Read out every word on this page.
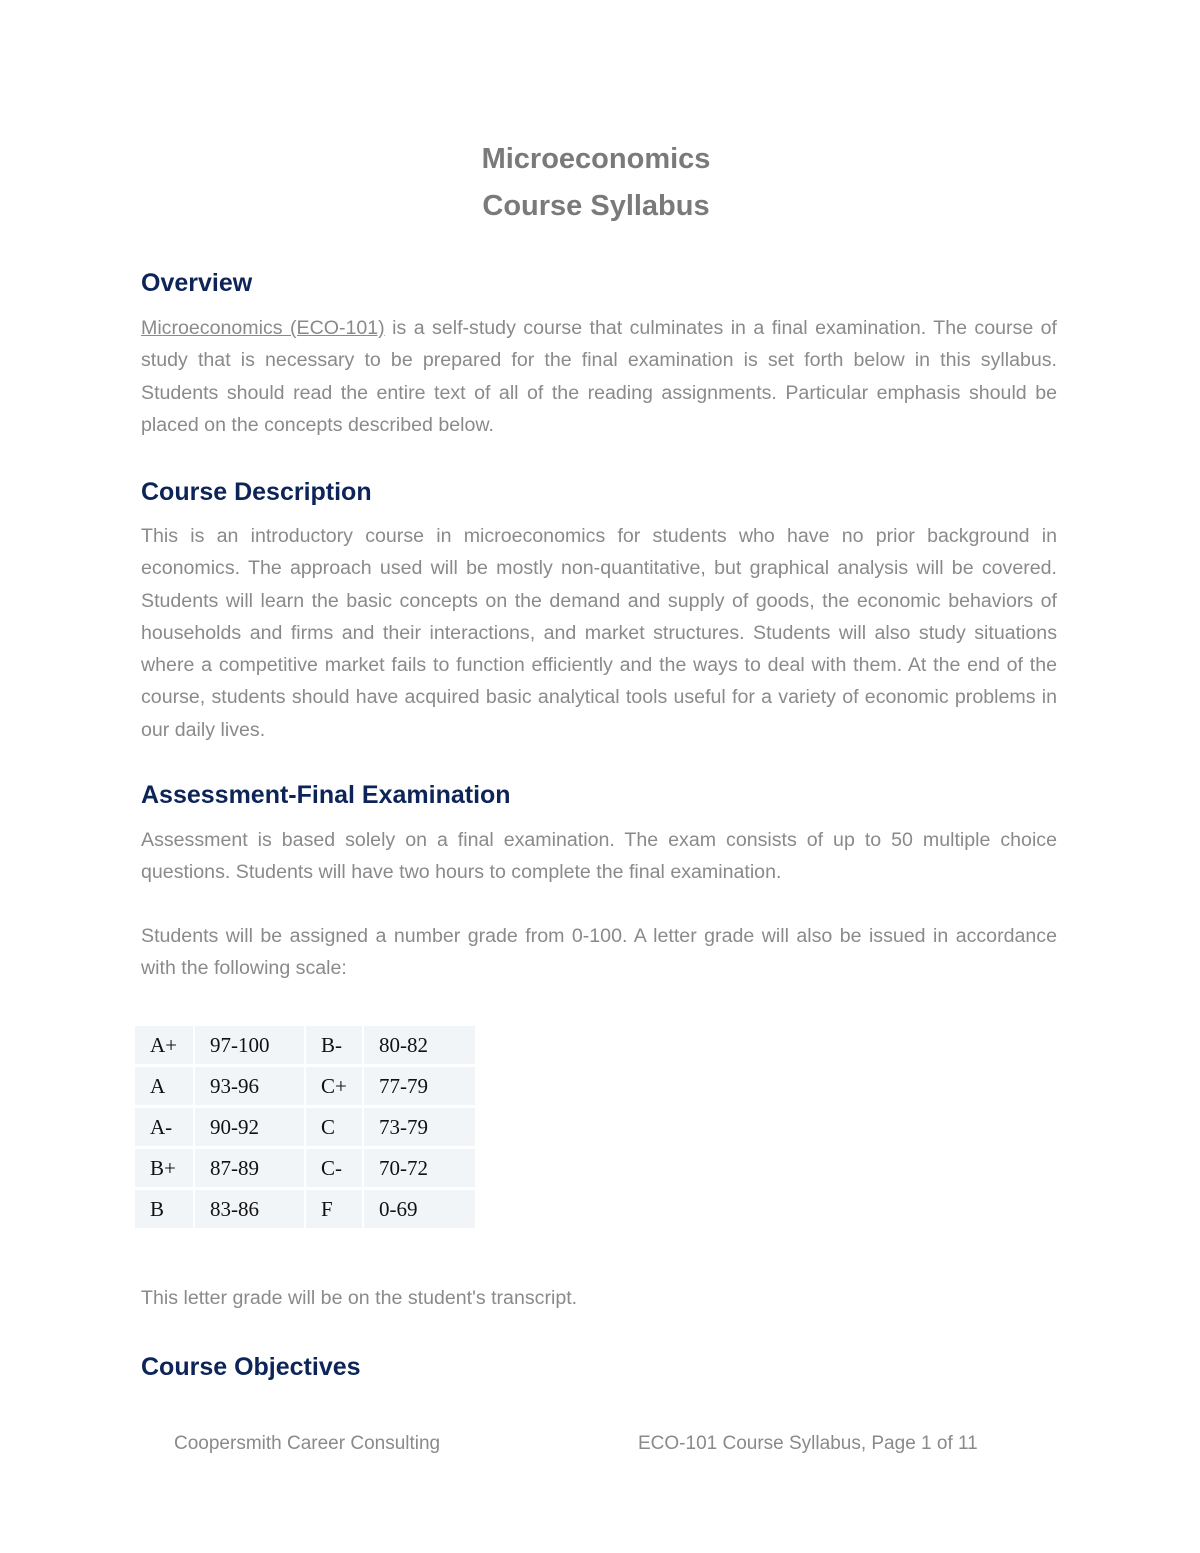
Microeconomics
Course Syllabus
Overview
Microeconomics (ECO-101) is a self-study course that culminates in a final examination. The course of study that is necessary to be prepared for the final examination is set forth below in this syllabus. Students should read the entire text of all of the reading assignments. Particular emphasis should be placed on the concepts described below.
Course Description
This is an introductory course in microeconomics for students who have no prior background in economics. The approach used will be mostly non-quantitative, but graphical analysis will be covered. Students will learn the basic concepts on the demand and supply of goods, the economic behaviors of households and firms and their interactions, and market structures. Students will also study situations where a competitive market fails to function efficiently and the ways to deal with them. At the end of the course, students should have acquired basic analytical tools useful for a variety of economic problems in our daily lives.
Assessment-Final Examination
Assessment is based solely on a final examination. The exam consists of up to 50 multiple choice questions. Students will have two hours to complete the final examination.
Students will be assigned a number grade from 0-100. A letter grade will also be issued in accordance with the following scale:
A+	97-100	B-	80-82
A	93-96	C+	77-79
A-	90-92	C	73-79
B+	87-89	C-	70-72
B	83-86	F	0-69
This letter grade will be on the student's transcript.
Course Objectives
Coopersmith Career Consulting	ECO-101 Course Syllabus, Page 1 of 11
